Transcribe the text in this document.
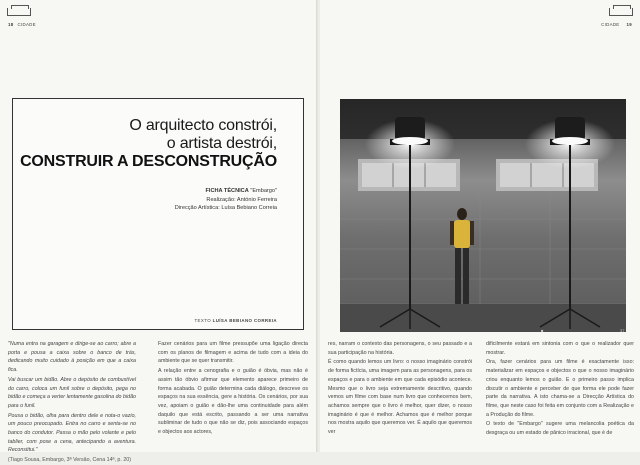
18 CIDADE
O arquitecto constrói,
o artista destrói,
CONSTRUIR A DESCONSTRUÇÃO
FICHA TÉCNICA "Embargo"
Realização: António Ferreira
Direcção Artística: Luísa Bebiano Correia
TEXTO LUÍSA BEBIANO CORREIA

"Numa entra na garagem e dirige-se ao carro; abre a porta e pousa a caixa sobre o banco de trás, dedicando muito cuidado à posição em que a caixa fica.

Vai buscar um bidão. Abre o depósito de combustível do carro, coloca um funil sobre o depósito, pega no bidão e começa a verter lentamente gasolina do bidão para o funil.

Pousa o bidão, olha para dentro dele e nota-o vazio, um pouco preocupado. Entra no carro e senta-se no banco do condutor. Passa o mão pelo volante e pelo tablier, com pose a cena, antecipando a aventura. Reconstitui."

(Tiago Sousa, Embargo, 3ª Versão, Cena 14ª, p. 20)

Fazer cenários para um filme pressupõe uma ligação directa com os planos de filmagem e acima de tudo com a ideia do ambiente que se quer transmitir.

A relação entre a cenografia e o guião é óbvia, mas não é assim tão óbvio afirmar que elemento aparece primeiro de forma acabada. O guião determina cada diálogo, descreve os espaços na sua essência, gere a história. Os cenários, por sua vez, apoiam o guião e dão-lhe uma continuidade para além daquilo que está escrito, passando a ser uma narrativa subliminar de tudo o que não se diz, pois associando espaços e objectos aos actores,

CIDADE 19
■	37

res, narram o contexto das personagens, o seu passado e a sua participação na história.

É como quando lemos um livro: o nosso imaginário constrói de forma fictícia, uma imagem para as personagens, para os espaços e para o ambiente em que cada episódio acontece. Mesmo que o livro seja extremamente descritivo, quando vemos um filme com base num livro que conhecemos bem, achamos sempre que o livro é melhor, quer dizer, o nosso imaginário é que é melhor. Achamos que é melhor porque nos mostra aquilo que queremos ver. É aquilo que queremos ver

dificilmente estará em sintonia com o que o realizador quer mostrar.

Ora, fazer cenários para um filme é exactamente isso: materializar em espaços e objectos o que o nosso imaginário criou enquanto lemos o guião. E o primeiro passo implica discutir o ambiente e perceber de que forma ele pode fazer parte da narrativa. A isto chama-se a Direcção Artística do filme, que neste caso foi feita em conjunto com a Realização e a Produção do filme.

O texto de "Embargo" sugere uma melancolia poética da desgraça ou um estado de pânico irracional, que é de
